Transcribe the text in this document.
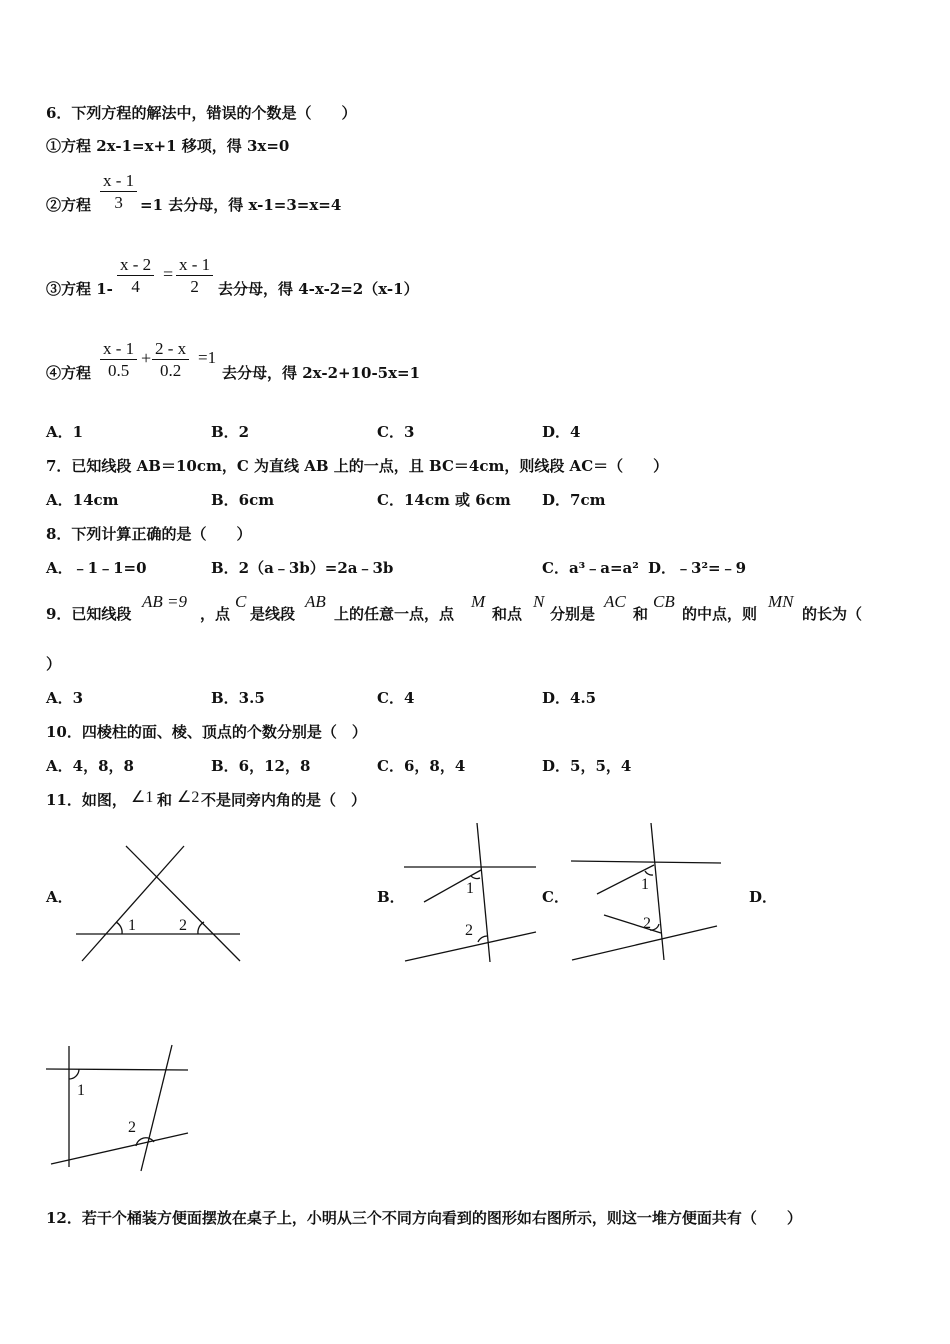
6．下列方程的解法中，错误的个数是（　　）
①方程 2x-1=x+1 移项，得 3x=0
②方程 $\frac{x - 1}{3} =1$ 去分母，得 x-1=3=x=4
③方程 $1- \frac{x - 2}{4} = \frac{x - 1}{2}$ 去分母，得 4-x-2=2（x-1）
④方程 $\frac{x - 1}{0.5} + \frac{2 - x}{0.2} =1$
去分母，得 2x-2+10-5x=1
A．1	B．2	C．3	D．4
7．已知线段 AB＝10cm，C 为直线 AB 上的一点，且 BC＝4cm，则线段 AC＝（　　）
A．14cm	B．6cm	C．14cm 或 6cm D．7cm
8．下列计算正确的是（　　）
A．﹣1﹣1=0	B．2（a﹣3b）=2a﹣3b	C．a³﹣a=a² D．﹣3²=﹣9
9．已知线段
AB =9
，点
C
是线段
AB
上的任意一点，点
M
和点
N
分别是
AC
和
CB
的中点，则
MN
的长为（
）
A．3	B．3.5	C．4	D．4.5
10．四棱柱的面、棱、顶点的个数分别是（　）
A．4，8，8	B．6，12，8	C．6，8，4	D．5，5，4
11．如图， ∠1 和 ∠2 不是同旁内角的是（　）
A．	B．	C．	D．
1	2
1
2
1
2
1
2
12．若干个桶装方便面摆放在桌子上，小明从三个不同方向看到的图形如右图所示，则这一堆方便面共有（　　）
